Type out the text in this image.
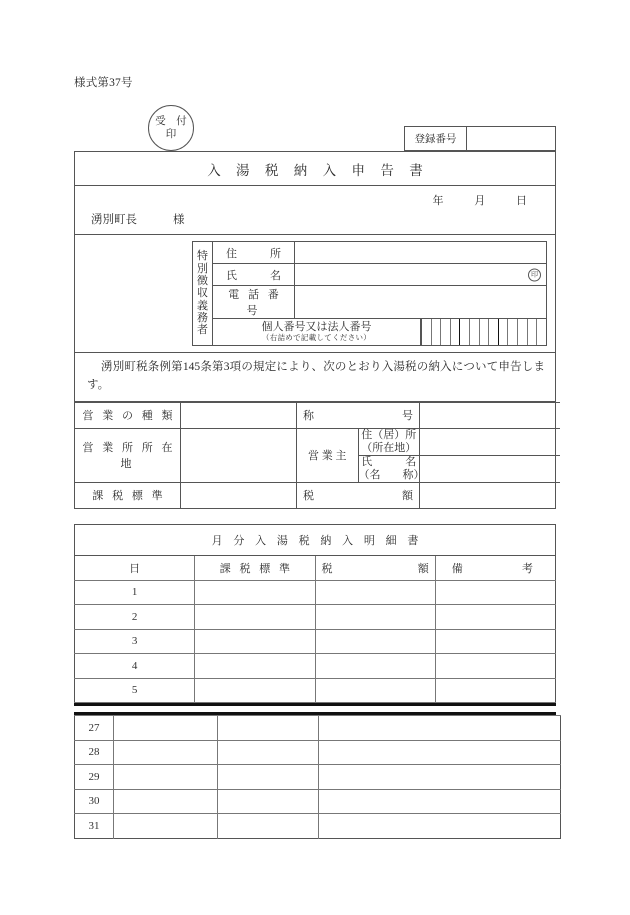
様式第37号
受 付
印	登録番号
入 湯 税 納 入 申 告 書
年	月	日
湧別町長	様
特
別
徴
収
義
務
者
	住　　　所	
	氏　　　名	印	

	電 話 番 号		

	個人番号又は法人番号
（右詰めで記載してください）		

湧別町税条例第145条第3項の規定により、次のとおり入湯税の納入について申告します。

営 業 の 種 類		称 号		

営 業 所 所 在 地		営 業 主	住（居）所
（所在地）	

			氏　　　名
（名　　称）	

課 税 標 準		税 額		

月 分 入 湯 税 納 入 明 細 書			
日	課 税 標 準	税 額	備 考

1			
2			
3			
4			
5			
27			
28			
29			
30			
31			
